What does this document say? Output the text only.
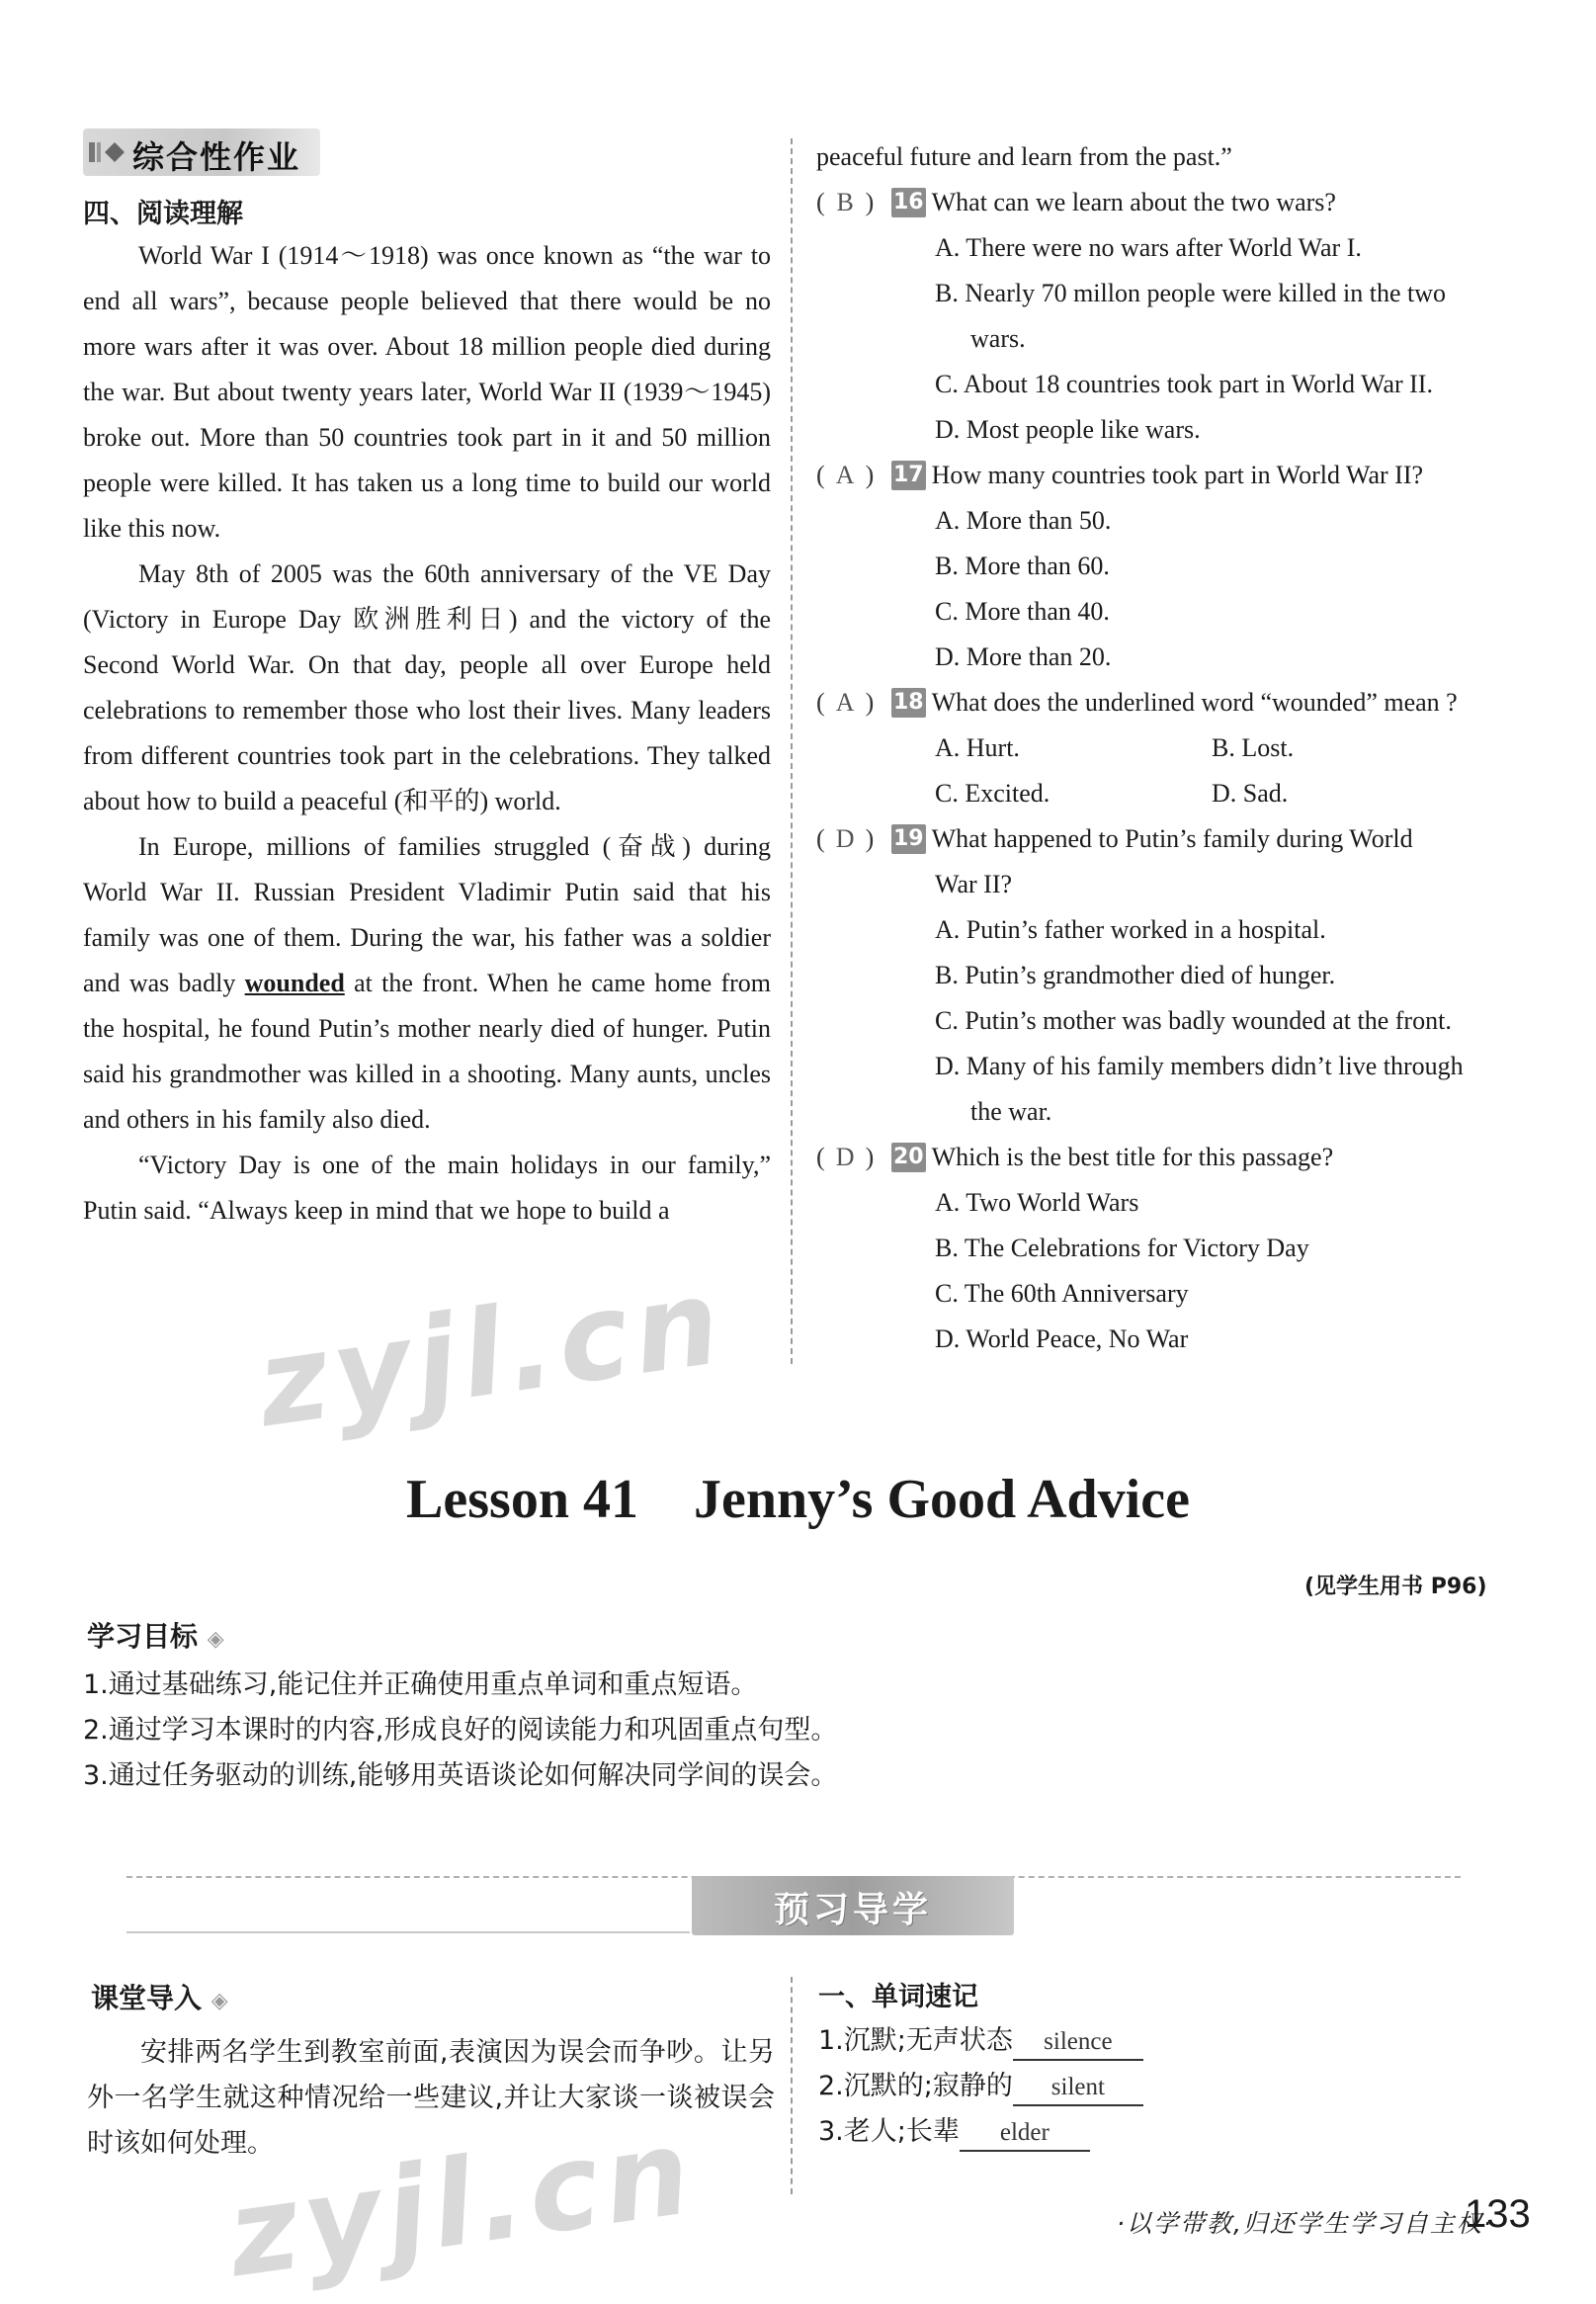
综合性作业
四、阅读理解

World War I (1914～1918) was once known as “the war to end all wars”, because people believed that there would be no more wars after it was over. About 18 million people died during the war. But about twenty years later, World War II (1939～1945) broke out. More than 50 countries took part in it and 50 million people were killed. It has taken us a long time to build our world like this now.

May 8th of 2005 was the 60th anniversary of the VE Day (Victory in Europe Day 欧洲胜利日) and the victory of the Second World War. On that day, people all over Europe held celebrations to remember those who lost their lives. Many leaders from different countries took part in the celebrations. They talked about how to build a peaceful (和平的) world.

In Europe, millions of families struggled (奋战) during World War II. Russian President Vladimir Putin said that his family was one of them. During the war, his father was a soldier and was badly wounded at the front. When he came home from the hospital, he found Putin’s mother nearly died of hunger. Putin said his grandmother was killed in a shooting. Many aunts, uncles and others in his family also died.

“Victory Day is one of the main holidays in our family,” Putin said. “Always keep in mind that we hope to build a

peaceful future and learn from the past.”

( B ) 16 What can we learn about the two wars?

A. There were no wars after World War I.

B. Nearly 70 millon people were killed in the two

wars.

C. About 18 countries took part in World War II.

D. Most people like wars.

( A ) 17 How many countries took part in World War II?

A. More than 50.

B. More than 60.

C. More than 40.

D. More than 20.

( A ) 18 What does the underlined word “wounded” mean ?
A. Hurt.	B. Lost.
C. Excited.	D. Sad.
( D ) 19 What happened to Putin’s family during World

War II?

A. Putin’s father worked in a hospital.

B. Putin’s grandmother died of hunger.

C. Putin’s mother was badly wounded at the front.

D. Many of his family members didn’t live through

the war.

( D ) 20 Which is the best title for this passage?

A. Two World Wars

B. The Celebrations for Victory Day

C. The 60th Anniversary

D. World Peace, No War

Lesson 41　Jenny’s Good Advice
(见学生用书 P96)
学习目标 ◈
1.通过基础练习,能记住并正确使用重点单词和重点短语。
2.通过学习本课时的内容,形成良好的阅读能力和巩固重点句型。
3.通过任务驱动的训练,能够用英语谈论如何解决同学间的误会。
预习导学
课堂导入 ◈
安排两名学生到教室前面,表演因为误会而争吵。让另外一名学生就这种情况给一些建议,并让大家谈一谈被误会时该如何处理。
一、单词速记
1.沉默;无声状态 silence
2.沉默的;寂静的 silent
3.老人;长辈 elder
·以学带教,归还学生学习自主权·
133
zyjl.cn
zyjl.cn
